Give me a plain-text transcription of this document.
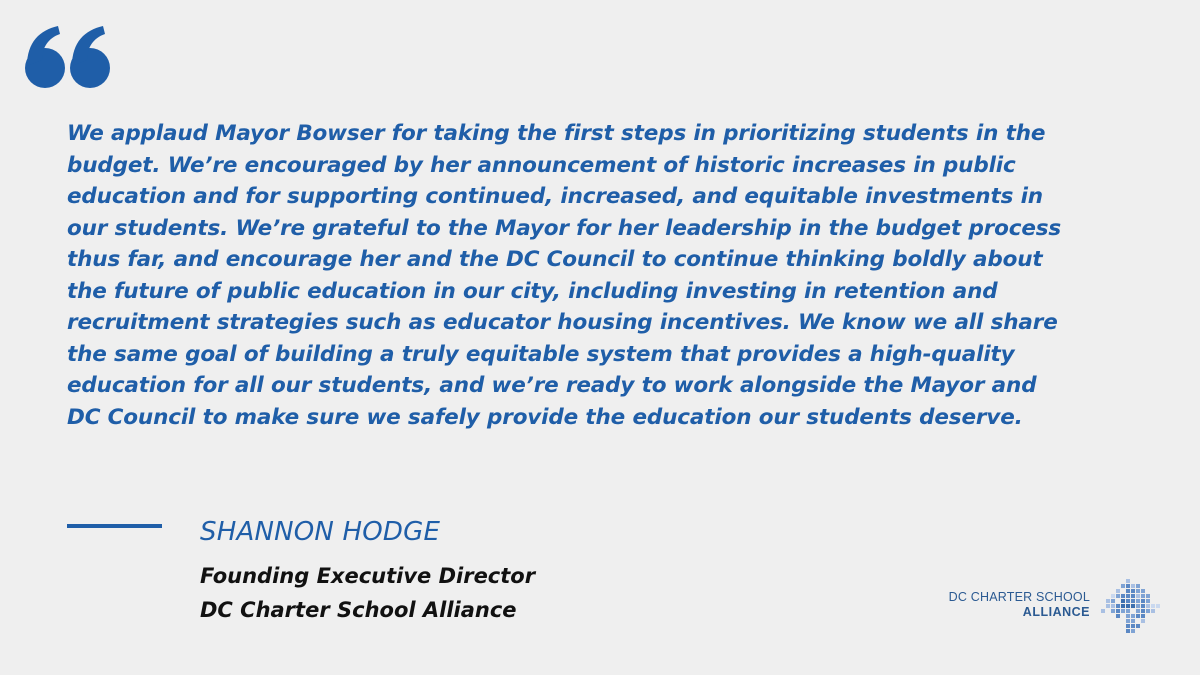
We applaud Mayor Bowser for taking the first steps in prioritizing students in the
budget. We’re encouraged by her announcement of historic increases in public
education and for supporting continued, increased, and equitable investments in
our students. We’re grateful to the Mayor for her leadership in the budget process
thus far, and encourage her and the DC Council to continue thinking boldly about
the future of public education in our city, including investing in retention and
recruitment strategies such as educator housing incentives. We know we all share
the same goal of building a truly equitable system that provides a high-quality
education for all our students, and we’re ready to work alongside the Mayor and
DC Council to make sure we safely provide the education our students deserve.
SHANNON HODGE
Founding Executive Director
DC Charter School Alliance
DC CHARTER SCHOOL
ALLIANCE
